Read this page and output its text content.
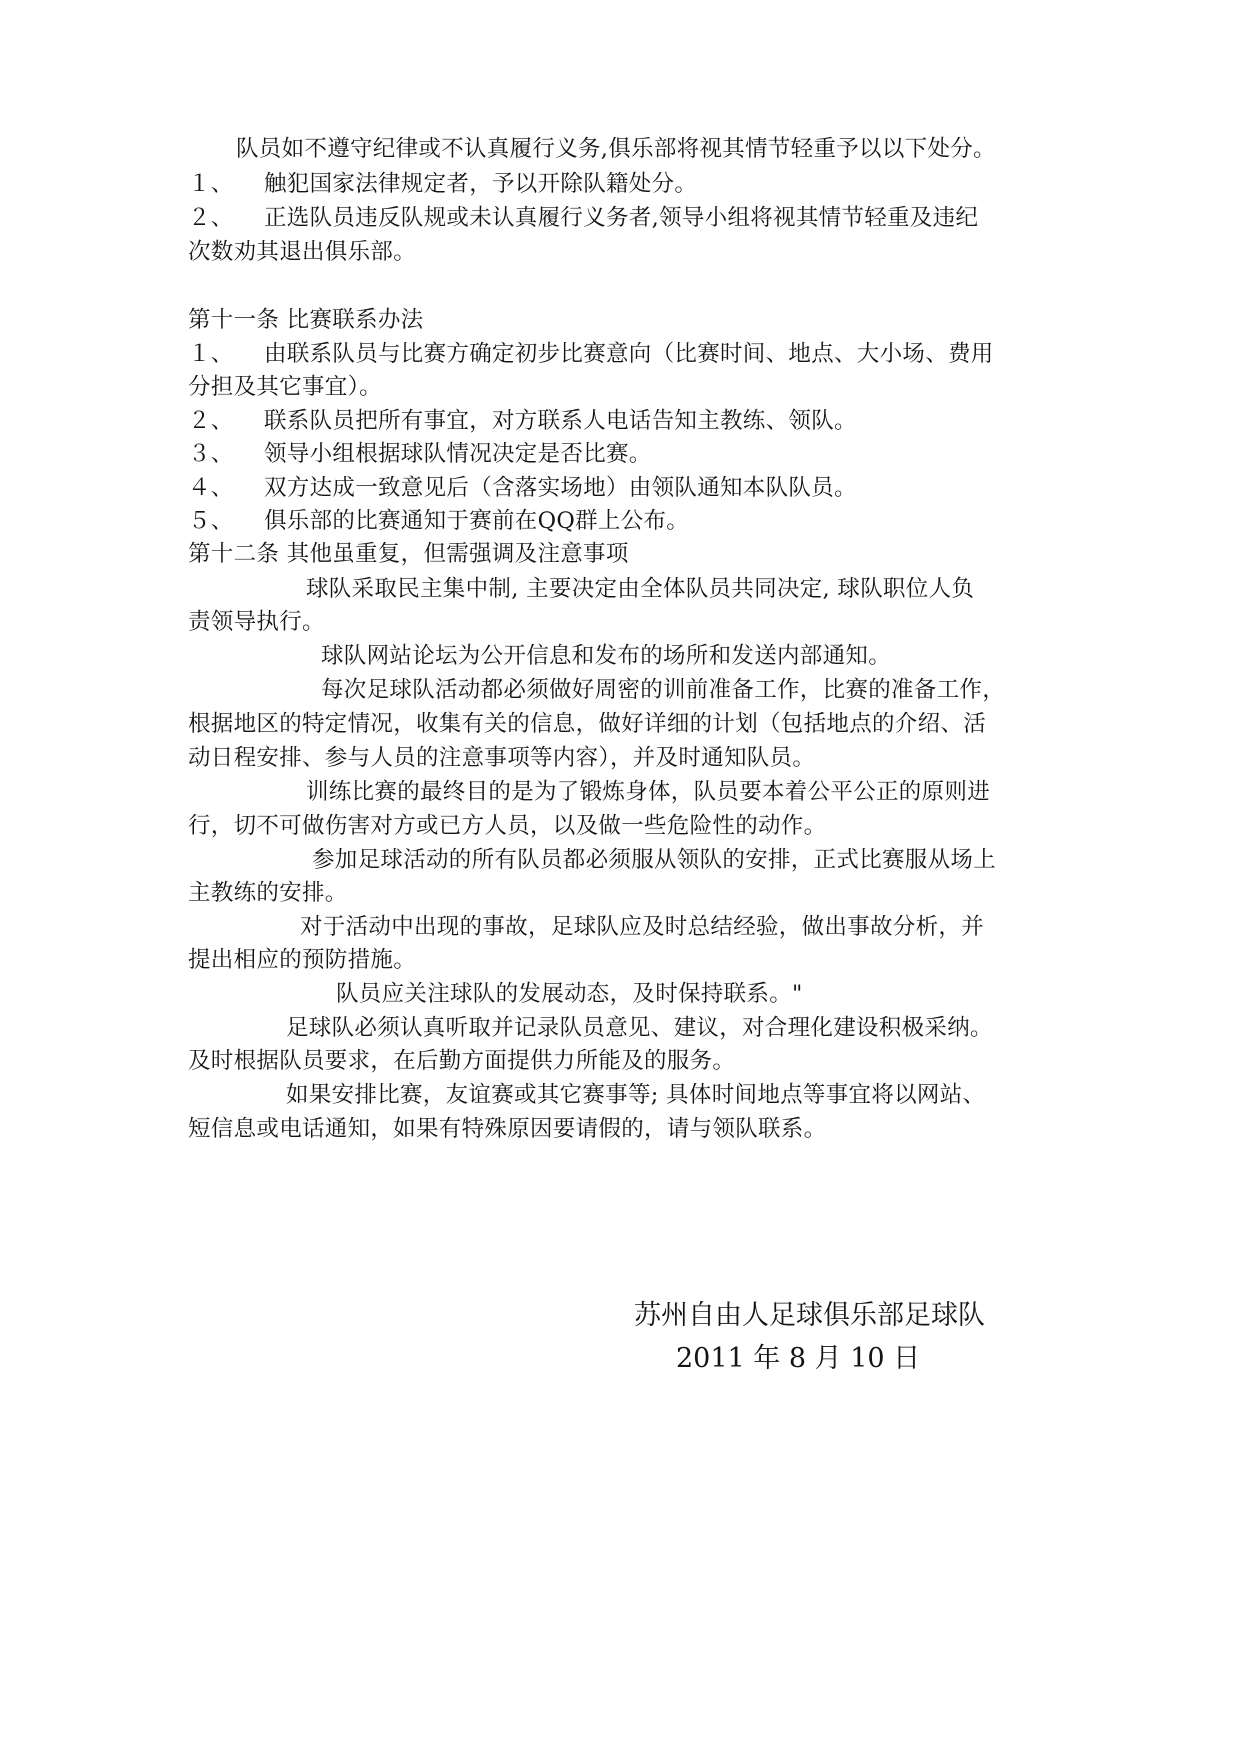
队员如不遵守纪律或不认真履行义务,俱乐部将视其情节轻重予以以下处分。
１、 触犯国家法律规定者，予以开除队籍处分。
２、 正选队员违反队规或未认真履行义务者,领导小组将视其情节轻重及违纪
次数劝其退出俱乐部。
第十一条 比赛联系办法
１、 由联系队员与比赛方确定初步比赛意向（比赛时间、地点、大小场、费用
分担及其它事宜）。
２、 联系队员把所有事宜，对方联系人电话告知主教练、领队。
３、 领导小组根据球队情况决定是否比赛。
４、 双方达成一致意见后（含落实场地）由领队通知本队队员。
５、 俱乐部的比赛通知于赛前在QQ群上公布。
第十二条 其他虽重复，但需强调及注意事项
球队采取民主集中制, 主要决定由全体队员共同决定, 球队职位人负
责领导执行。
球队网站论坛为公开信息和发布的场所和发送内部通知。
每次足球队活动都必须做好周密的训前准备工作，比赛的准备工作，
根据地区的特定情况，收集有关的信息，做好详细的计划（包括地点的介绍、活
动日程安排、参与人员的注意事项等内容），并及时通知队员。
训练比赛的最终目的是为了锻炼身体，队员要本着公平公正的原则进
行，切不可做伤害对方或已方人员，以及做一些危险性的动作。
参加足球活动的所有队员都必须服从领队的安排，正式比赛服从场上
主教练的安排。
对于活动中出现的事故，足球队应及时总结经验，做出事故分析，并
提出相应的预防措施。
队员应关注球队的发展动态，及时保持联系。"
足球队必须认真听取并记录队员意见、建议，对合理化建设积极采纳。
及时根据队员要求，在后勤方面提供力所能及的服务。
如果安排比赛，友谊赛或其它赛事等; 具体时间地点等事宜将以网站、
短信息或电话通知，如果有特殊原因要请假的，请与领队联系。
苏州自由人足球俱乐部足球队
2011 年 8 月 10 日
